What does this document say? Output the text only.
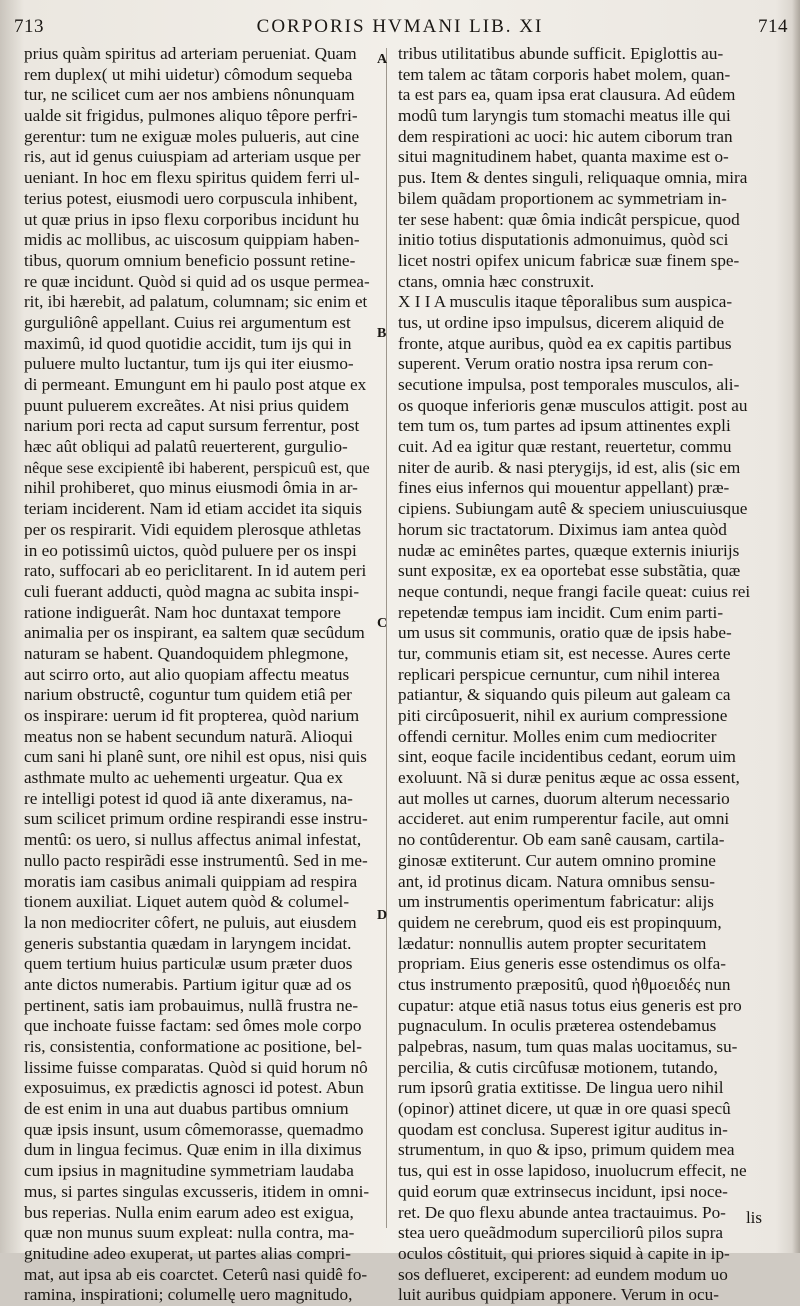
713	CORPORIS HVMANI LIB. XI	714
prius quàm spiritus ad arteriam perueniat. Quam
rem duplex( ut mihi uidetur) cômodum sequeba
tur, ne scilicet cum aer nos ambiens nônunquam
ualde sit frigidus, pulmones aliquo têpore perfri-
gerentur: tum ne exiguæ moles pulueris, aut cine
ris, aut id genus cuiuspiam ad arteriam usque per
ueniant. In hoc em flexu spiritus quidem ferri ul-
terius potest, eiusmodi uero corpuscula inhibent,
ut quæ prius in ipso flexu corporibus incidunt hu
midis ac mollibus, ac uiscosum quippiam haben-
tibus, quorum omnium beneficio possunt retine-
re quæ incidunt. Quòd si quid ad os usque permea-
rit, ibi hærebit, ad palatum, columnam; sic enim et
gurguliônê appellant. Cuius rei argumentum est
maximû, id quod quotidie accidit, tum ijs qui in
puluere multo luctantur, tum ijs qui iter eiusmo-
di permeant. Emungunt em hi paulo post atque ex
puunt puluerem excreãtes. At nisi prius quidem
narium pori recta ad caput sursum ferrentur, post
hæc aût obliqui ad palatû reuerterent, gurgulio-
nêque sese excipientê ibi haberent, perspicuû est, que
nihil prohiberet, quo minus eiusmodi ômia in ar-
teriam inciderent. Nam id etiam accidet ita siquis
per os respirarit. Vidi equidem plerosque athletas
in eo potissimû uictos, quòd puluere per os inspi
rato, suffocari ab eo periclitarent. In id autem peri
culi fuerant adducti, quòd magna ac subita inspi-
ratione indiguerât. Nam hoc duntaxat tempore
animalia per os inspirant, ea saltem quæ secûdum
naturam se habent. Quandoquidem phlegmone,
aut scirro orto, aut alio quopiam affectu meatus
narium obstructê, coguntur tum quidem etiâ per
os inspirare: uerum id fit propterea, quòd narium
meatus non se habent secundum naturã. Alioqui
cum sani hi planê sunt, ore nihil est opus, nisi quis
asthmate multo ac uehementi urgeatur. Qua ex
re intelligi potest id quod iã ante dixeramus, na-
sum scilicet primum ordine respirandi esse instru-
mentû: os uero, si nullus affectus animal infestat,
nullo pacto respirãdi esse instrumentû. Sed in me-
moratis iam casibus animali quippiam ad respira
tionem auxiliat. Liquet autem quòd & columel-
la non mediocriter côfert, ne puluis, aut eiusdem
generis substantia quædam in laryngem incidat.
quem tertium huius particulæ usum præter duos
ante dictos numerabis. Partium igitur quæ ad os
pertinent, satis iam probauimus, nullã frustra ne-
que inchoate fuisse factam: sed ômes mole corpo
ris, consistentia, conformatione ac positione, bel-
lissime fuisse comparatas. Quòd si quid horum nô
exposuimus, ex prædictis agnosci id potest. Abun
de est enim in una aut duabus partibus omnium
quæ ipsis insunt, usum cômemorasse, quemadmo
dum in lingua fecimus. Quæ enim in illa diximus
cum ipsius in magnitudine symmetriam laudaba
mus, si partes singulas excusseris, itidem in omni-
bus reperias. Nulla enim earum adeo est exigua,
quæ non munus suum expleat: nulla contra, ma-
gnitudine adeo exuperat, ut partes alias compri-
mat, aut ipsa ab eis coarctet. Ceterû nasi quidê fo-
ramina, inspirationi; columellę uero magnitudo,
tribus utilitatibus abunde sufficit. Epiglottis au-
tem talem ac tãtam corporis habet molem, quan-
ta est pars ea, quam ipsa erat clausura. Ad eûdem
modû tum laryngis tum stomachi meatus ille qui
dem respirationi ac uoci: hic autem ciborum tran
situi magnitudinem habet, quanta maxime est o-
pus. Item & dentes singuli, reliquaque omnia, mira
bilem quãdam proportionem ac symmetriam in-
ter sese habent: quæ ômia indicât perspicue, quod
initio totius disputationis admonuimus, quòd sci
licet nostri opifex unicum fabricæ suæ finem spe-
ctans, omnia hæc construxit.
X I I A musculis itaque têporalibus sum auspica-
tus, ut ordine ipso impulsus, dicerem aliquid de
fronte, atque auribus, quòd ea ex capitis partibus
superent. Verum oratio nostra ipsa rerum con-
secutione impulsa, post temporales musculos, ali-
os quoque inferioris genæ musculos attigit. post au
tem tum os, tum partes ad ipsum attinentes expli
cuit. Ad ea igitur quæ restant, reuertetur, commu
niter de aurib. & nasi pterygijs, id est, alis (sic em
fines eius infernos qui mouentur appellant) præ-
cipiens. Subiungam autê & speciem uniuscuiusque
horum sic tractatorum. Diximus iam antea quòd
nudæ ac eminêtes partes, quæque externis iniurijs
sunt expositæ, ex ea oportebat esse substãtia, quæ
neque contundi, neque frangi facile queat: cuius rei
repetendæ tempus iam incidit. Cum enim parti-
um usus sit communis, oratio quæ de ipsis habe-
tur, communis etiam sit, est necesse. Aures certe
replicari perspicue cernuntur, cum nihil interea
patiantur, & siquando quis pileum aut galeam ca
piti circûposuerit, nihil ex aurium compressione
offendi cernitur. Molles enim cum mediocriter
sint, eoque facile incidentibus cedant, eorum uim
exoluunt. Nã si duræ penitus æque ac ossa essent,
aut molles ut carnes, duorum alterum necessario
accideret. aut enim rumperentur facile, aut omni
no contûderentur. Ob eam sanê causam, cartila-
ginosæ extiterunt. Cur autem omnino promine
ant, id protinus dicam. Natura omnibus sensu-
um instrumentis operimentum fabricatur: alijs
quidem ne cerebrum, quod eis est propinquum,
lædatur: nonnullis autem propter securitatem
propriam. Eius generis esse ostendimus os olfa-
ctus instrumento præpositû, quod ἠθμοειδές nun
cupatur: atque etiã nasus totus eius generis est pro
pugnaculum. In oculis præterea ostendebamus
palpebras, nasum, tum quas malas uocitamus, su-
percilia, & cutis circûfusæ motionem, tutando,
rum ipsorû gratia extitisse. De lingua uero nihil
(opinor) attinet dicere, ut quæ in ore quasi specû
quodam est conclusa. Superest igitur auditus in-
strumentum, in quo & ipso, primum quidem mea
tus, qui est in osse lapidoso, inuolucrum effecit, ne
quid eorum quæ extrinsecus incidunt, ipsi noce-
ret. De quo flexu abunde antea tractauimus. Po-
stea uero queãdmodum superciliorû pilos supra
oculos côstituit, qui priores siquid à capite in ip-
sos deflueret, exciperent: ad eundem modum uo
luit auribus quidpiam apponere. Verum in ocu-
A
B
C
D
lis
